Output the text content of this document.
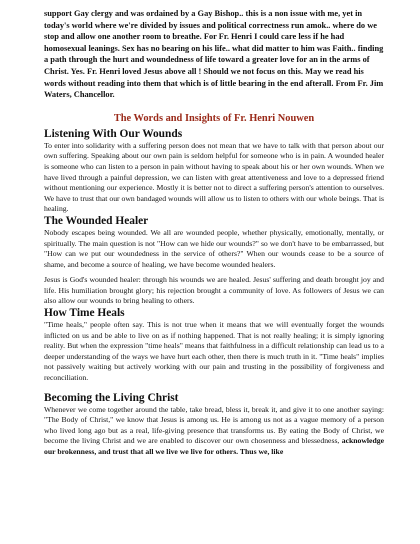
support Gay clergy and was ordained by a Gay Bishop.. this is a non issue with me, yet in today's world where we're divided by issues and political correctness run amok.. where do we stop and allow one another room to breathe. For Fr. Henri I could care less if he had homosexual leanings. Sex has no bearing on his life.. what did matter to him was Faith.. finding a path through the hurt and woundedness of life toward a greater love for an in the arms of Christ. Yes. Fr. Henri loved Jesus above all ! Should we not focus on this. May we read his words without reading into them that which is of little bearing in the end afterall. From Fr. Jim Waters, Chancellor.

The Words and Insights of Fr. Henri Nouwen
Listening With Our Wounds

To enter into solidarity with a suffering person does not mean that we have to talk with that person about our own suffering. Speaking about our own pain is seldom helpful for someone who is in pain. A wounded healer is someone who can listen to a person in pain without having to speak about his or her own wounds. When we have lived through a painful depression, we can listen with great attentiveness and love to a depressed friend without mentioning our experience. Mostly it is better not to direct a suffering person's attention to ourselves. We have to trust that our own bandaged wounds will allow us to listen to others with our whole beings. That is healing.

The Wounded Healer

Nobody escapes being wounded. We all are wounded people, whether physically, emotionally, mentally, or spiritually. The main question is not "How can we hide our wounds?" so we don't have to be embarrassed, but "How can we put our woundedness in the service of others?" When our wounds cease to be a source of shame, and become a source of healing, we have become wounded healers.

Jesus is God's wounded healer: through his wounds we are healed. Jesus' suffering and death brought joy and life. His humiliation brought glory; his rejection brought a community of love. As followers of Jesus we can also allow our wounds to bring healing to others.

How Time Heals

"Time heals," people often say. This is not true when it means that we will eventually forget the wounds inflicted on us and be able to live on as if nothing happened. That is not really healing; it is simply ignoring reality. But when the expression "time heals" means that faithfulness in a difficult relationship can lead us to a deeper understanding of the ways we have hurt each other, then there is much truth in it. "Time heals" implies not passively waiting but actively working with our pain and trusting in the possibility of forgiveness and reconciliation.

Becoming the Living Christ

Whenever we come together around the table, take bread, bless it, break it, and give it to one another saying: "The Body of Christ," we know that Jesus is among us. He is among us not as a vague memory of a person who lived long ago but as a real, life-giving presence that transforms us. By eating the Body of Christ, we become the living Christ and we are enabled to discover our own chosenness and blessedness, acknowledge our brokenness, and trust that all we live we live for others. Thus we, like
